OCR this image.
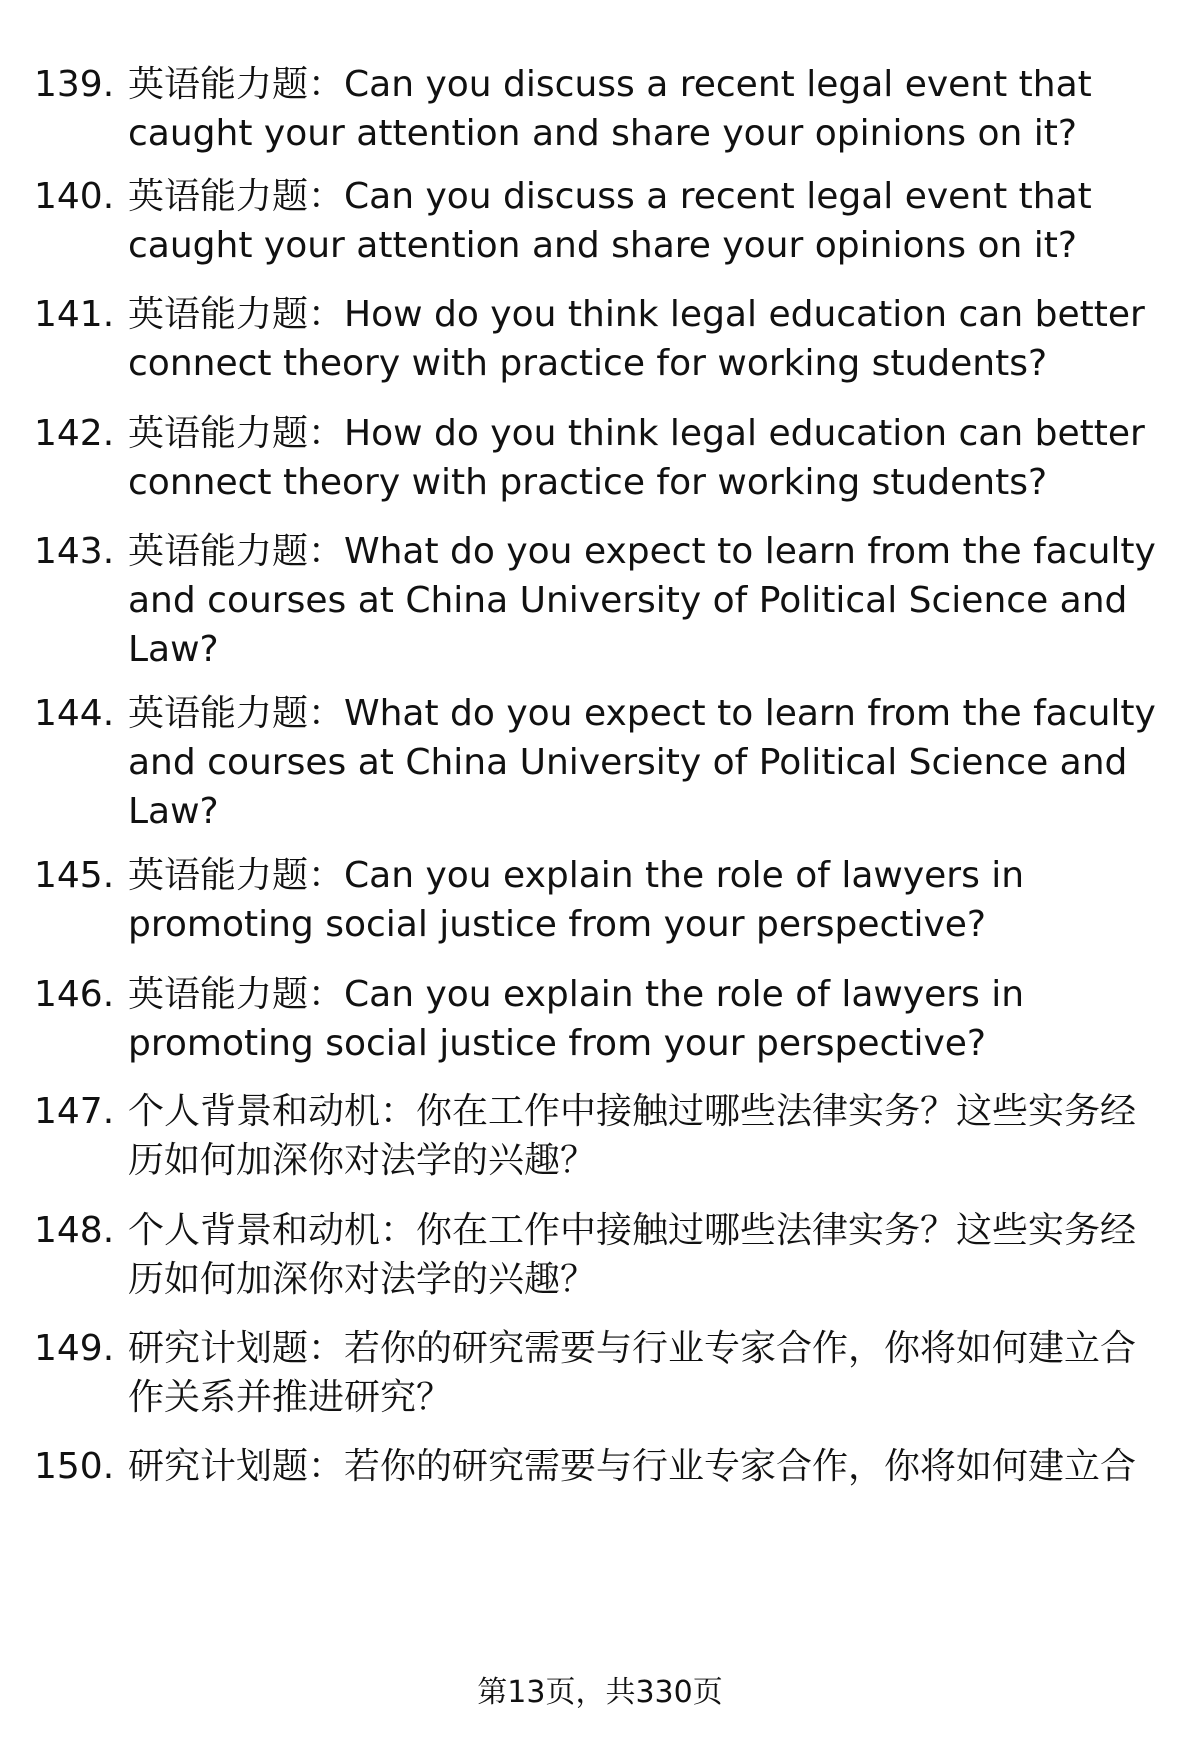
139. 英语能力题：Can you discuss a recent legal event that caught your attention and share your opinions on it?
140. 英语能力题：Can you discuss a recent legal event that caught your attention and share your opinions on it?
141. 英语能力题：How do you think legal education can better connect theory with practice for working students?
142. 英语能力题：How do you think legal education can better connect theory with practice for working students?
143. 英语能力题：What do you expect to learn from the faculty and courses at China University of Political Science and Law?
144. 英语能力题：What do you expect to learn from the faculty and courses at China University of Political Science and Law?
145. 英语能力题：Can you explain the role of lawyers in promoting social justice from your perspective?
146. 英语能力题：Can you explain the role of lawyers in promoting social justice from your perspective?
147. 个人背景和动机：你在工作中接触过哪些法律实务？这些实务经历如何加深你对法学的兴趣？
148. 个人背景和动机：你在工作中接触过哪些法律实务？这些实务经历如何加深你对法学的兴趣？
149. 研究计划题：若你的研究需要与行业专家合作，你将如何建立合作关系并推进研究？
150. 研究计划题：若你的研究需要与行业专家合作，你将如何建立合
第13页，共330页
